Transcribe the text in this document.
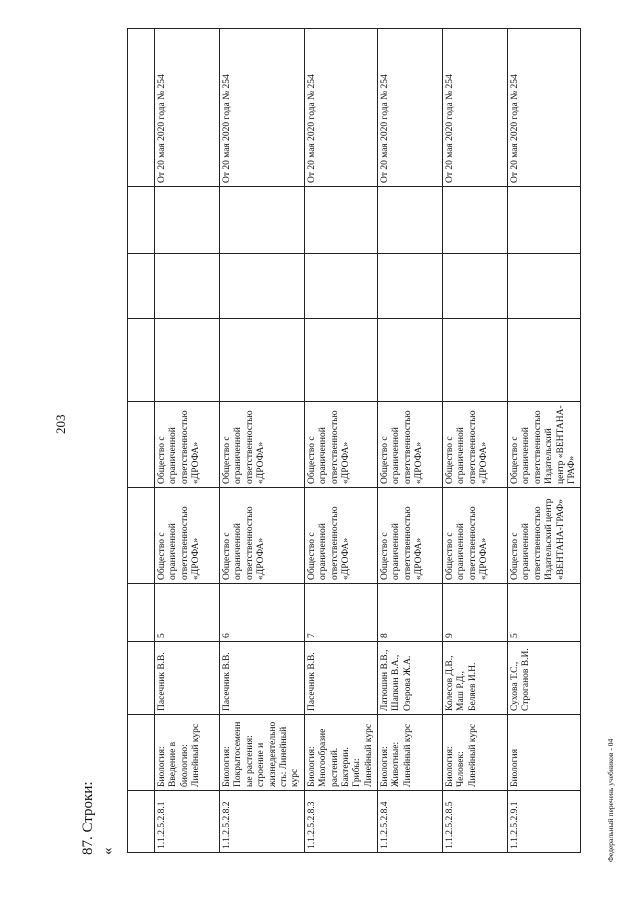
203
87. Строки: «	Федеральный перечень учебников - 04

1.1.2.5.2.8.1	Биология: Введение в биологию: Линейный курс	Пасечник В.В.	5	Общество с ограниченной ответственностью «ДРОФА»	Общество с ограниченной ответственностью «ДРОФА»				От 20 мая 2020 года № 254
1.1.2.5.2.8.2	Биология: Покрытосеменные растения: строение и жизнедеятельность: Линейный курс	Пасечник В.В.	6	Общество с ограниченной ответственностью «ДРОФА»	Общество с ограниченной ответственностью «ДРОФА»				От 20 мая 2020 года № 254
1.1.2.5.2.8.3	Биология: Многообразие растений. Бактерии. Грибы: Линейный курс	Пасечник В.В.	7	Общество с ограниченной ответственностью «ДРОФА»	Общество с ограниченной ответственностью «ДРОФА»				От 20 мая 2020 года № 254
1.1.2.5.2.8.4	Биология: Животные: Линейный курс	Латюшин В.В., Шапкин В.А., Озерова Ж.А.	8	Общество с ограниченной ответственностью «ДРОФА»	Общество с ограниченной ответственностью «ДРОФА»				От 20 мая 2020 года № 254
1.1.2.5.2.8.5	Биология: Человек: Линейный курс	Колесов Д.В., Маш Р.Д., Беляев И.Н.	9	Общество с ограниченной ответственностью «ДРОФА»	Общество с ограниченной ответственностью «ДРОФА»				От 20 мая 2020 года № 254
1.1.2.5.2.9.1	Биология	Сухова Т.С., Строганов В.И.	5	Общество с ограниченной ответственностью Издательский центр «ВЕНТАНА-ГРАФ»	Общество с ограниченной ответственностью Издательский центр «ВЕНТАНА-ГРАФ»				От 20 мая 2020 года № 254
